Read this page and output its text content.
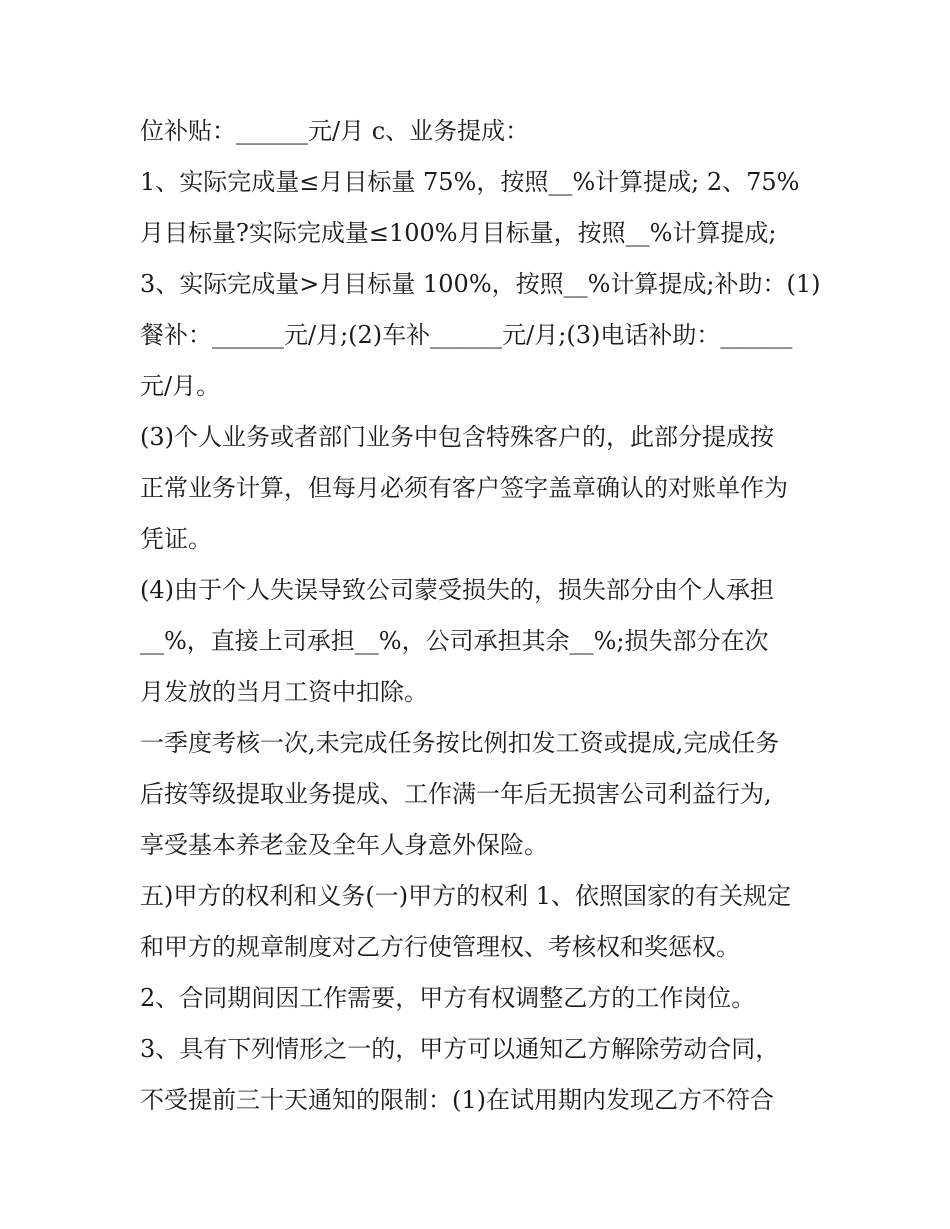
位补贴：______元/月 c、业务提成：
1、实际完成量≤月目标量 75%，按照__%计算提成; 2、75%
月目标量?实际完成量≤100%月目标量，按照__%计算提成;
3、实际完成量>月目标量 100%，按照__%计算提成;补助：(1)
餐补：______元/月;(2)车补______元/月;(3)电话补助：______
元/月。
(3)个人业务或者部门业务中包含特殊客户的，此部分提成按
正常业务计算，但每月必须有客户签字盖章确认的对账单作为
凭证。
(4)由于个人失误导致公司蒙受损失的，损失部分由个人承担
__%，直接上司承担__%，公司承担其余__%;损失部分在次
月发放的当月工资中扣除。
一季度考核一次,未完成任务按比例扣发工资或提成,完成任务
后按等级提取业务提成、工作满一年后无损害公司利益行为,
享受基本养老金及全年人身意外保险。
五)甲方的权利和义务(一)甲方的权利 1、依照国家的有关规定
和甲方的规章制度对乙方行使管理权、考核权和奖惩权。
2、合同期间因工作需要，甲方有权调整乙方的工作岗位。
3、具有下列情形之一的，甲方可以通知乙方解除劳动合同，
不受提前三十天通知的限制：(1)在试用期内发现乙方不符合
